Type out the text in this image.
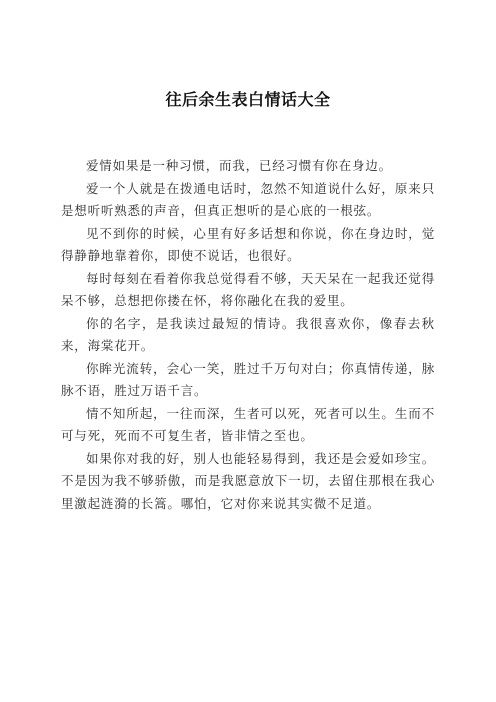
往后余生表白情话大全

爱情如果是一种习惯，而我，已经习惯有你在身边。

爱一个人就是在拨通电话时，忽然不知道说什么好，原来只是想听听熟悉的声音，但真正想听的是心底的一根弦。

见不到你的时候，心里有好多话想和你说，你在身边时，觉得静静地靠着你，即使不说话，也很好。

每时每刻在看着你我总觉得看不够，天天呆在一起我还觉得呆不够，总想把你搂在怀，将你融化在我的爱里。

你的名字，是我读过最短的情诗。我很喜欢你，像春去秋来，海棠花开。

你眸光流转，会心一笑，胜过千万句对白；你真情传递，脉脉不语，胜过万语千言。

情不知所起，一往而深，生者可以死，死者可以生。生而不可与死，死而不可复生者，皆非情之至也。

如果你对我的好，别人也能轻易得到，我还是会爱如珍宝。不是因为我不够骄傲，而是我愿意放下一切，去留住那根在我心里激起涟漪的长篙。哪怕，它对你来说其实微不足道。
